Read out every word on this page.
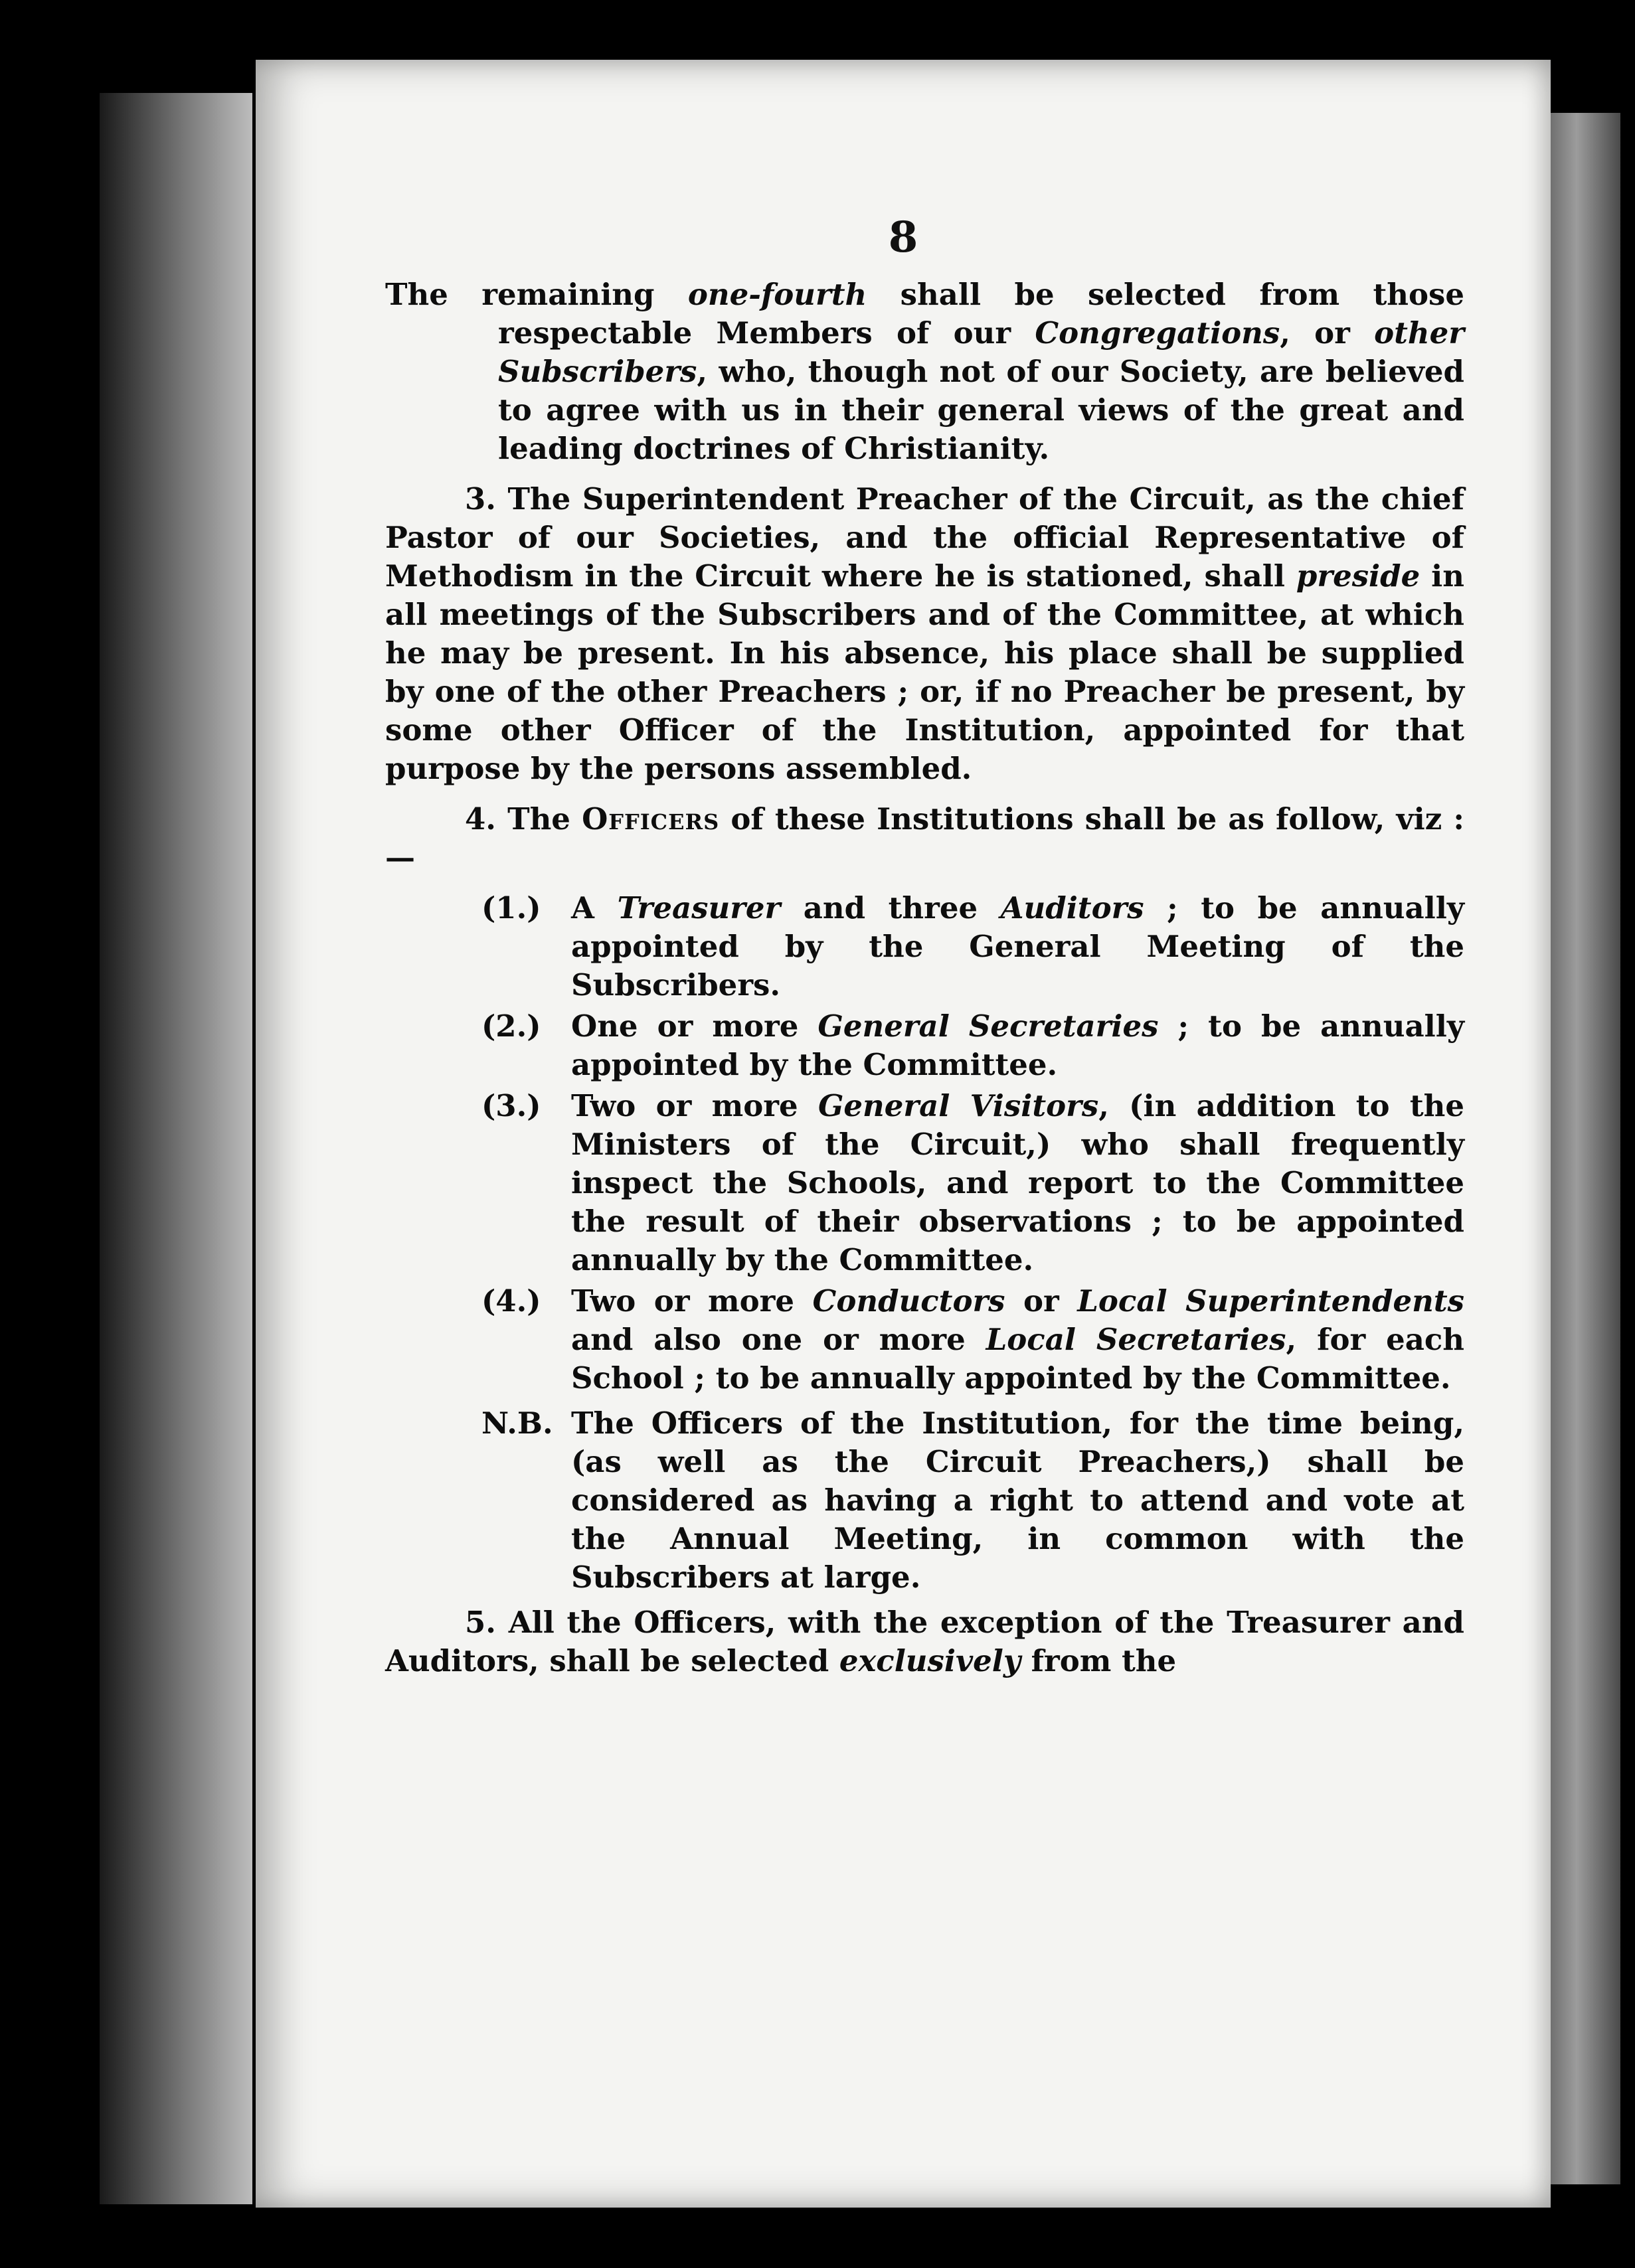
8

The remaining one-fourth shall be selected from those respectable Members of our Congregations, or other Subscribers, who, though not of our Society, are believed to agree with us in their general views of the great and leading doctrines of Christianity.

3. The Superintendent Preacher of the Circuit, as the chief Pastor of our Societies, and the official Representative of Methodism in the Circuit where he is stationed, shall preside in all meetings of the Subscribers and of the Committee, at which he may be present. In his absence, his place shall be supplied by one of the other Preachers ; or, if no Preacher be present, by some other Officer of the Institution, appointed for that purpose by the persons assembled.

4. The Officers of these Institutions shall be as follow, viz :—

(1.)	A Treasurer and three Auditors ; to be annually appointed by the General Meeting of the Subscribers.
(2.)	One or more General Secretaries ; to be annually appointed by the Committee.
(3.)	Two or more General Visitors, (in addition to the Ministers of the Circuit,) who shall frequently inspect the Schools, and report to the Committee the result of their observations ; to be appointed annually by the Committee.
(4.)	Two or more Conductors or Local Superintendents and also one or more Local Secretaries, for each School ; to be annually appointed by the Committee.
N.B. The Officers of the Institution, for the time being, (as well as the Circuit Preachers,) shall be considered as having a right to attend and vote at the Annual Meeting, in common with the Subscribers at large.

5. All the Officers, with the exception of the Treasurer and Auditors, shall be selected exclusively from the
